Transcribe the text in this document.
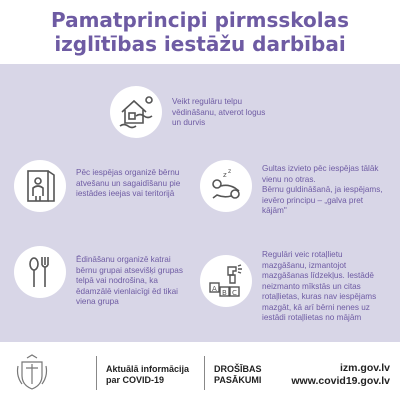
Pamatprincipi pirmsskolas
izglītības iestāžu darbībai
Veikt regulāru telpu
vēdināšanu, atverot logus
un durvis
Pēc iespējas organizē bērnu
atvešanu un sagaidīšanu pie
iestādes ieejas vai teritorijā
z z	Gultas izvieto pēc iespējas tālāk
vienu no otras.
Bērnu guldināšanā, ja iespējams,
ievēro principu – „galva pret
kājām"
Ēdināšanu organizē katrai
bērnu grupai atsevišķi grupas
telpā vai nodrošina, ka
ēdamzālē vienlaicīgi ēd tikai
viena grupa
A B C
Regulāri veic rotaļlietu
mazgāšanu, izmantojot
mazgāšanas līdzekļus. Iestādē
neizmanto mīkstās un citas
rotaļlietas, kuras nav iespējams
mazgāt, kā arī bērni nenes uz
iestādi rotaļlietas no mājām
Aktuālā informācija
par COVID-19
DROŠĪBAS
PASĀKUMI
izm.gov.lv
www.covid19.gov.lv
